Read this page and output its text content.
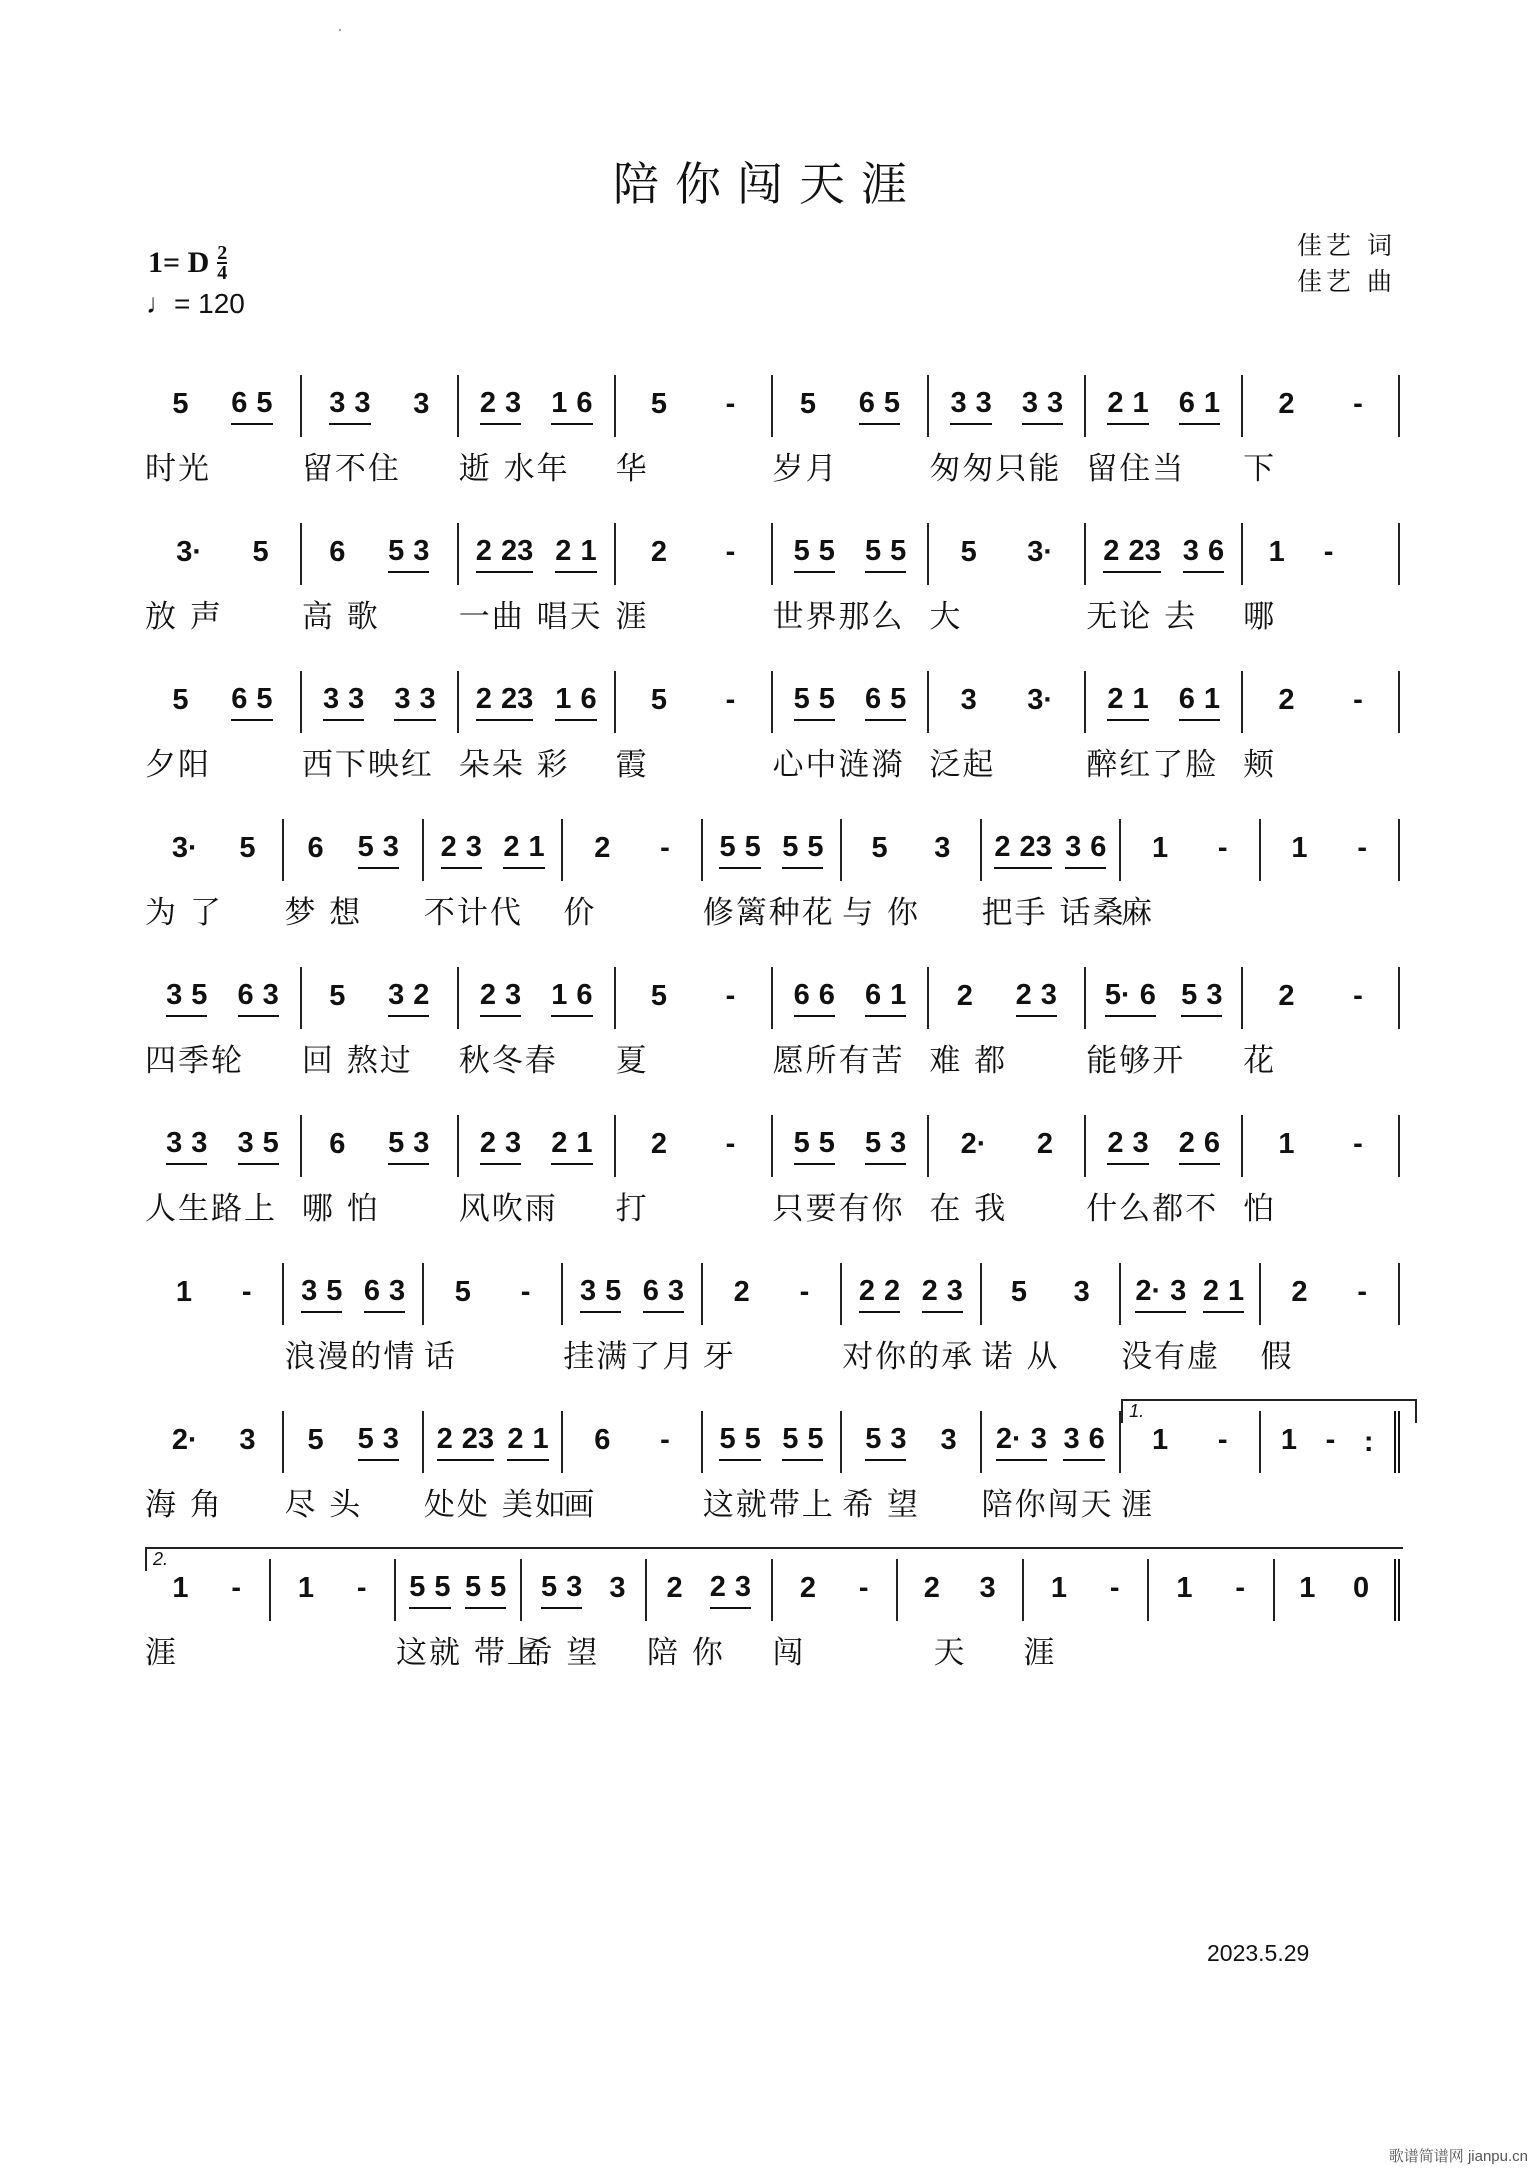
'
陪你闯天涯
1= D $\frac{2}{4}$
♩= 120
佳艺 词
佳艺 曲
5 6 5
时光
3 3 3
留不住
2 3 1 6
逝 水年
5 -
华
5 6 5
岁月
3 3 3 3
匆匆只能
2 1 6 1
留住当
2 -
下
3· 5
放 声
6 5 3
高 歌
2 23 2 1
一曲 唱天
2 -
涯
5 5 5 5
世界那么
5 3·
大
2 23 3 6
无论 去
1 -
哪
5 6 5
夕阳
3 3 3 3
西下映红
2 23 1 6
朵朵 彩
5 -
霞
5 5 6 5
心中涟漪
3 3·
泛起
2 1 6 1
醉红了脸
2 -
颊
3· 5
为 了
6 5 3
梦 想
2 3 2 1
不计代
2 -
价
5 5 5 5
修篱种花
5 3
与 你
2 23 3 6
把手 话桑
1 -
麻
1 -
3 5 6 3
四季轮
5 3 2
回 熬过
2 3 1 6
秋冬春
5 -
夏
6 6 6 1
愿所有苦
2 2 3
难 都
5· 6 5 3
能够开
2 -
花
3 3 3 5
人生路上
6 5 3
哪 怕
2 3 2 1
风吹雨
2 -
打
5 5 5 3
只要有你
2· 2
在 我
2 3 2 6
什么都不
1 -
怕
1 - 3 5 6 3
浪漫的情
5 -
话
3 5 6 3
挂满了月
2 -
牙
2 2 2 3
对你的承
5 3
诺 从
2· 3 2 1
没有虚
2 -
假
2· 3
海 角
5 5 3
尽 头
2 23 2 1
处处 美如
6 -
画
5 5 5 5
这就带上
5 3 3
希 望
2· 3 3 6
陪你闯天
1 -
涯
1.
1 - :
1 -
涯
2.
1 - 5 5 5 5
这就 带上
5 3 3
希 望
2 2 3
陪 你
2 -
闯
2 3
天
1 -
涯
1 - 1 0
2023.5.29
歌谱简谱网 jianpu.cn
